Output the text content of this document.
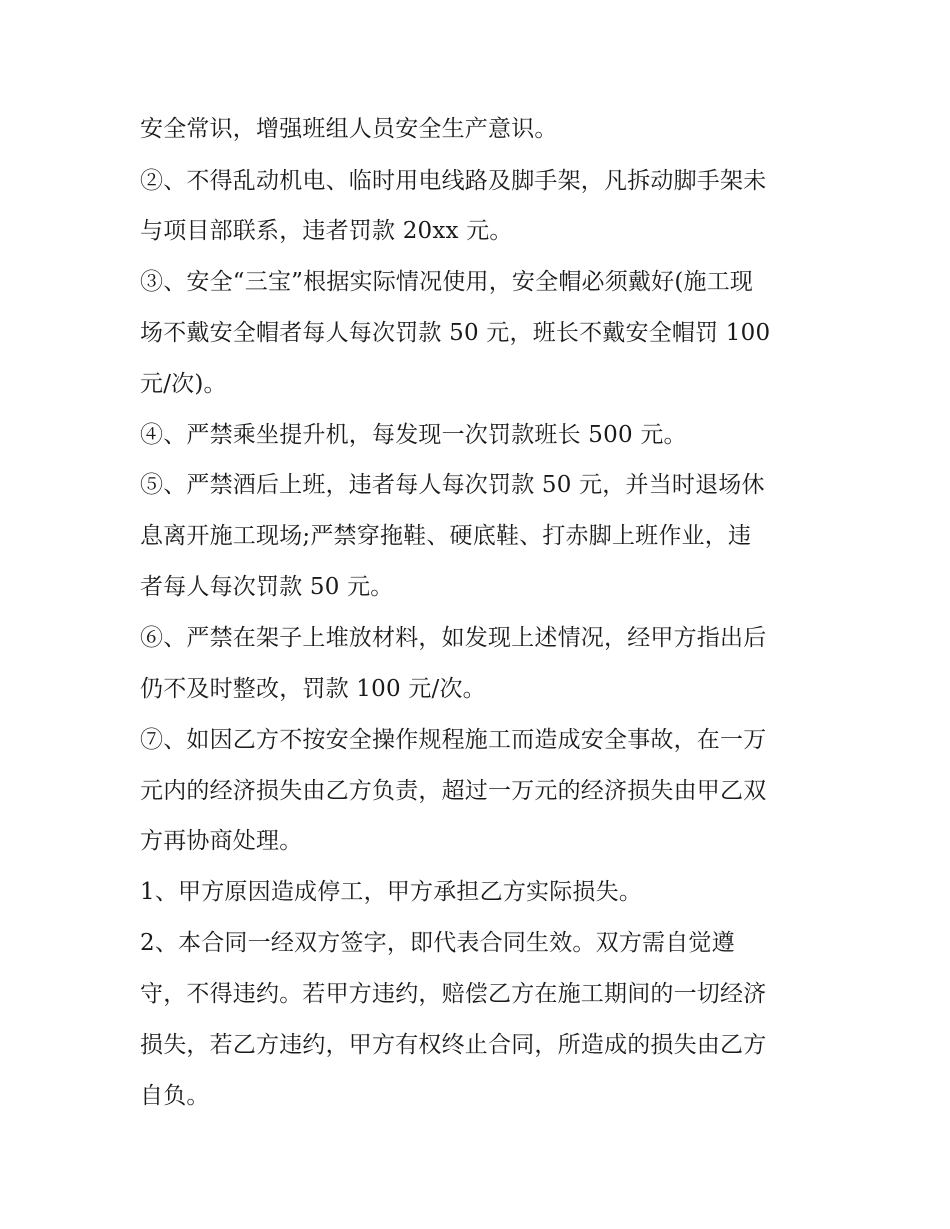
安全常识，增强班组人员安全生产意识。
②、不得乱动机电、临时用电线路及脚手架，凡拆动脚手架未
与项目部联系，违者罚款 20xx 元。
③、安全“三宝”根据实际情况使用，安全帽必须戴好(施工现
场不戴安全帽者每人每次罚款 50 元，班长不戴安全帽罚 100
元/次)。
④、严禁乘坐提升机，每发现一次罚款班长 500 元。
⑤、严禁酒后上班，违者每人每次罚款 50 元，并当时退场休
息离开施工现场;严禁穿拖鞋、硬底鞋、打赤脚上班作业，违
者每人每次罚款 50 元。
⑥、严禁在架子上堆放材料，如发现上述情况，经甲方指出后
仍不及时整改，罚款 100 元/次。
⑦、如因乙方不按安全操作规程施工而造成安全事故，在一万
元内的经济损失由乙方负责，超过一万元的经济损失由甲乙双
方再协商处理。
1、甲方原因造成停工，甲方承担乙方实际损失。
2、本合同一经双方签字，即代表合同生效。双方需自觉遵
守，不得违约。若甲方违约，赔偿乙方在施工期间的一切经济
损失，若乙方违约，甲方有权终止合同，所造成的损失由乙方
自负。
